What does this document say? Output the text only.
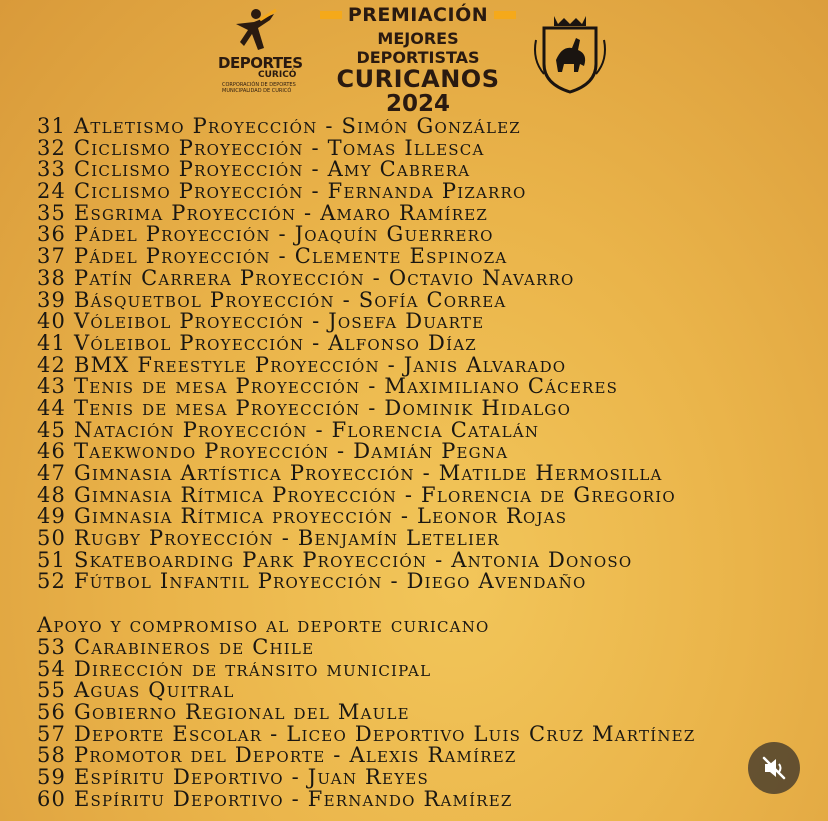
DEPORTES
CURICÓ
CORPORACIÓN DE DEPORTES MUNICIPALIDAD DE CURICÓ
PREMIACIÓN
MEJORES DEPORTISTAS
CURICANOS
2024
31 Atletismo Proyección - Simón González
32 Ciclismo Proyección - Tomas Illesca
33 Ciclismo Proyección - Amy Cabrera
24 Ciclismo Proyección - Fernanda Pizarro
35 Esgrima Proyección - Amaro Ramírez
36 Pádel Proyección - Joaquín Guerrero
37 Pádel Proyección - Clemente Espinoza
38 Patín Carrera Proyección - Octavio Navarro
39 Básquetbol Proyección - Sofía Correa
40 Vóleibol Proyección - Josefa Duarte
41 Vóleibol Proyección - Alfonso Díaz
42 BMX Freestyle Proyección - Janis Alvarado
43 Tenis de mesa Proyección - Maximiliano Cáceres
44 Tenis de mesa Proyección - Dominik Hidalgo
45 Natación Proyección - Florencia Catalán
46 Taekwondo Proyección - Damián Pegna
47 Gimnasia Artística Proyección - Matilde Hermosilla
48 Gimnasia Rítmica Proyección - Florencia de Gregorio
49 Gimnasia Rítmica proyección - Leonor Rojas
50 Rugby Proyección - Benjamín Letelier
51 Skateboarding Park Proyección - Antonia Donoso
52 Fútbol Infantil Proyección - Diego Avendaño
Apoyo y compromiso al deporte curicano
53 Carabineros de Chile
54 Dirección de tránsito municipal
55 Aguas Quitral
56 Gobierno Regional del Maule
57 Deporte Escolar - Liceo Deportivo Luis Cruz Martínez
58 Promotor del Deporte - Alexis Ramírez
59 Espíritu Deportivo - Juan Reyes
60 Espíritu Deportivo - Fernando Ramírez
